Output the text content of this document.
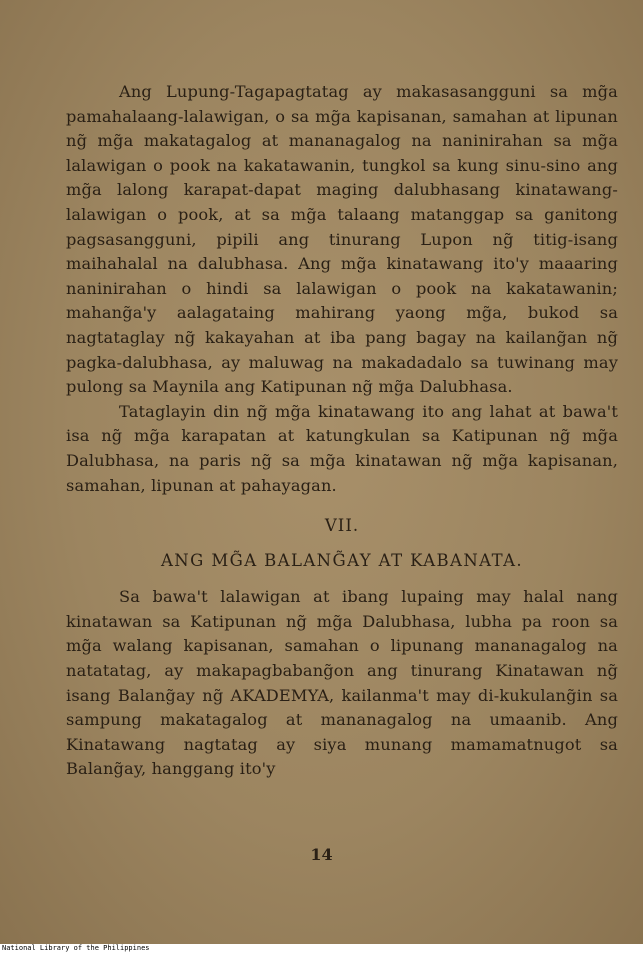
Ang Lupung-Tagapagtatag ay makasasangguni sa mg̃a pamahalaang-lalawigan, o sa mg̃a kapisanan, samahan at lipunan ng̃ mg̃a makatagalog at mananagalog na naninirahan sa mg̃a lalawigan o pook na kakatawanin, tungkol sa kung sinu-sino ang mg̃a lalong karapat-dapat maging dalubhasang kinatawang-lalawigan o pook, at sa mg̃a talaang matanggap sa ganitong pagsasangguni, pipili ang tinurang Lupon ng̃ titig-isang maihahalal na dalubhasa. Ang mg̃a kinatawang ito'y maaaring naninirahan o hindi sa lalawigan o pook na kakatawanin; mahang̃a'y aalagataing mahirang yaong mg̃a, bukod sa nagtataglay ng̃ kakayahan at iba pang bagay na kailang̃an ng̃ pagka-dalubhasa, ay maluwag na makadadalo sa tuwinang may pulong sa Maynila ang Katipunan ng̃ mg̃a Dalubhasa.

Tataglayin din ng̃ mg̃a kinatawang ito ang lahat at bawa't isa ng̃ mg̃a karapatan at katungkulan sa Katipunan ng̃ mg̃a Dalubhasa, na paris ng̃ sa mg̃a kinatawan ng̃ mg̃a kapisanan, samahan, lipunan at pahayagan.

VII.

ANG MG̃A BALANG̃AY AT KABANATA.

Sa bawa't lalawigan at ibang lupaing may halal nang kinatawan sa Katipunan ng̃ mg̃a Dalubhasa, lubha pa roon sa mg̃a walang kapisanan, samahan o lipunang mananagalog na natatatag, ay makapagbabang̃on ang tinurang Kinatawan ng̃ isang Balang̃ay ng̃ AKADEMYA, kailanma't may di-kukulang̃in sa sampung makatagalog at mananagalog na umaanib. Ang Kinatawang nagtatag ay siya munang mamamatnugot sa Balang̃ay, hanggang ito'y

14
National Library of the Philippines
